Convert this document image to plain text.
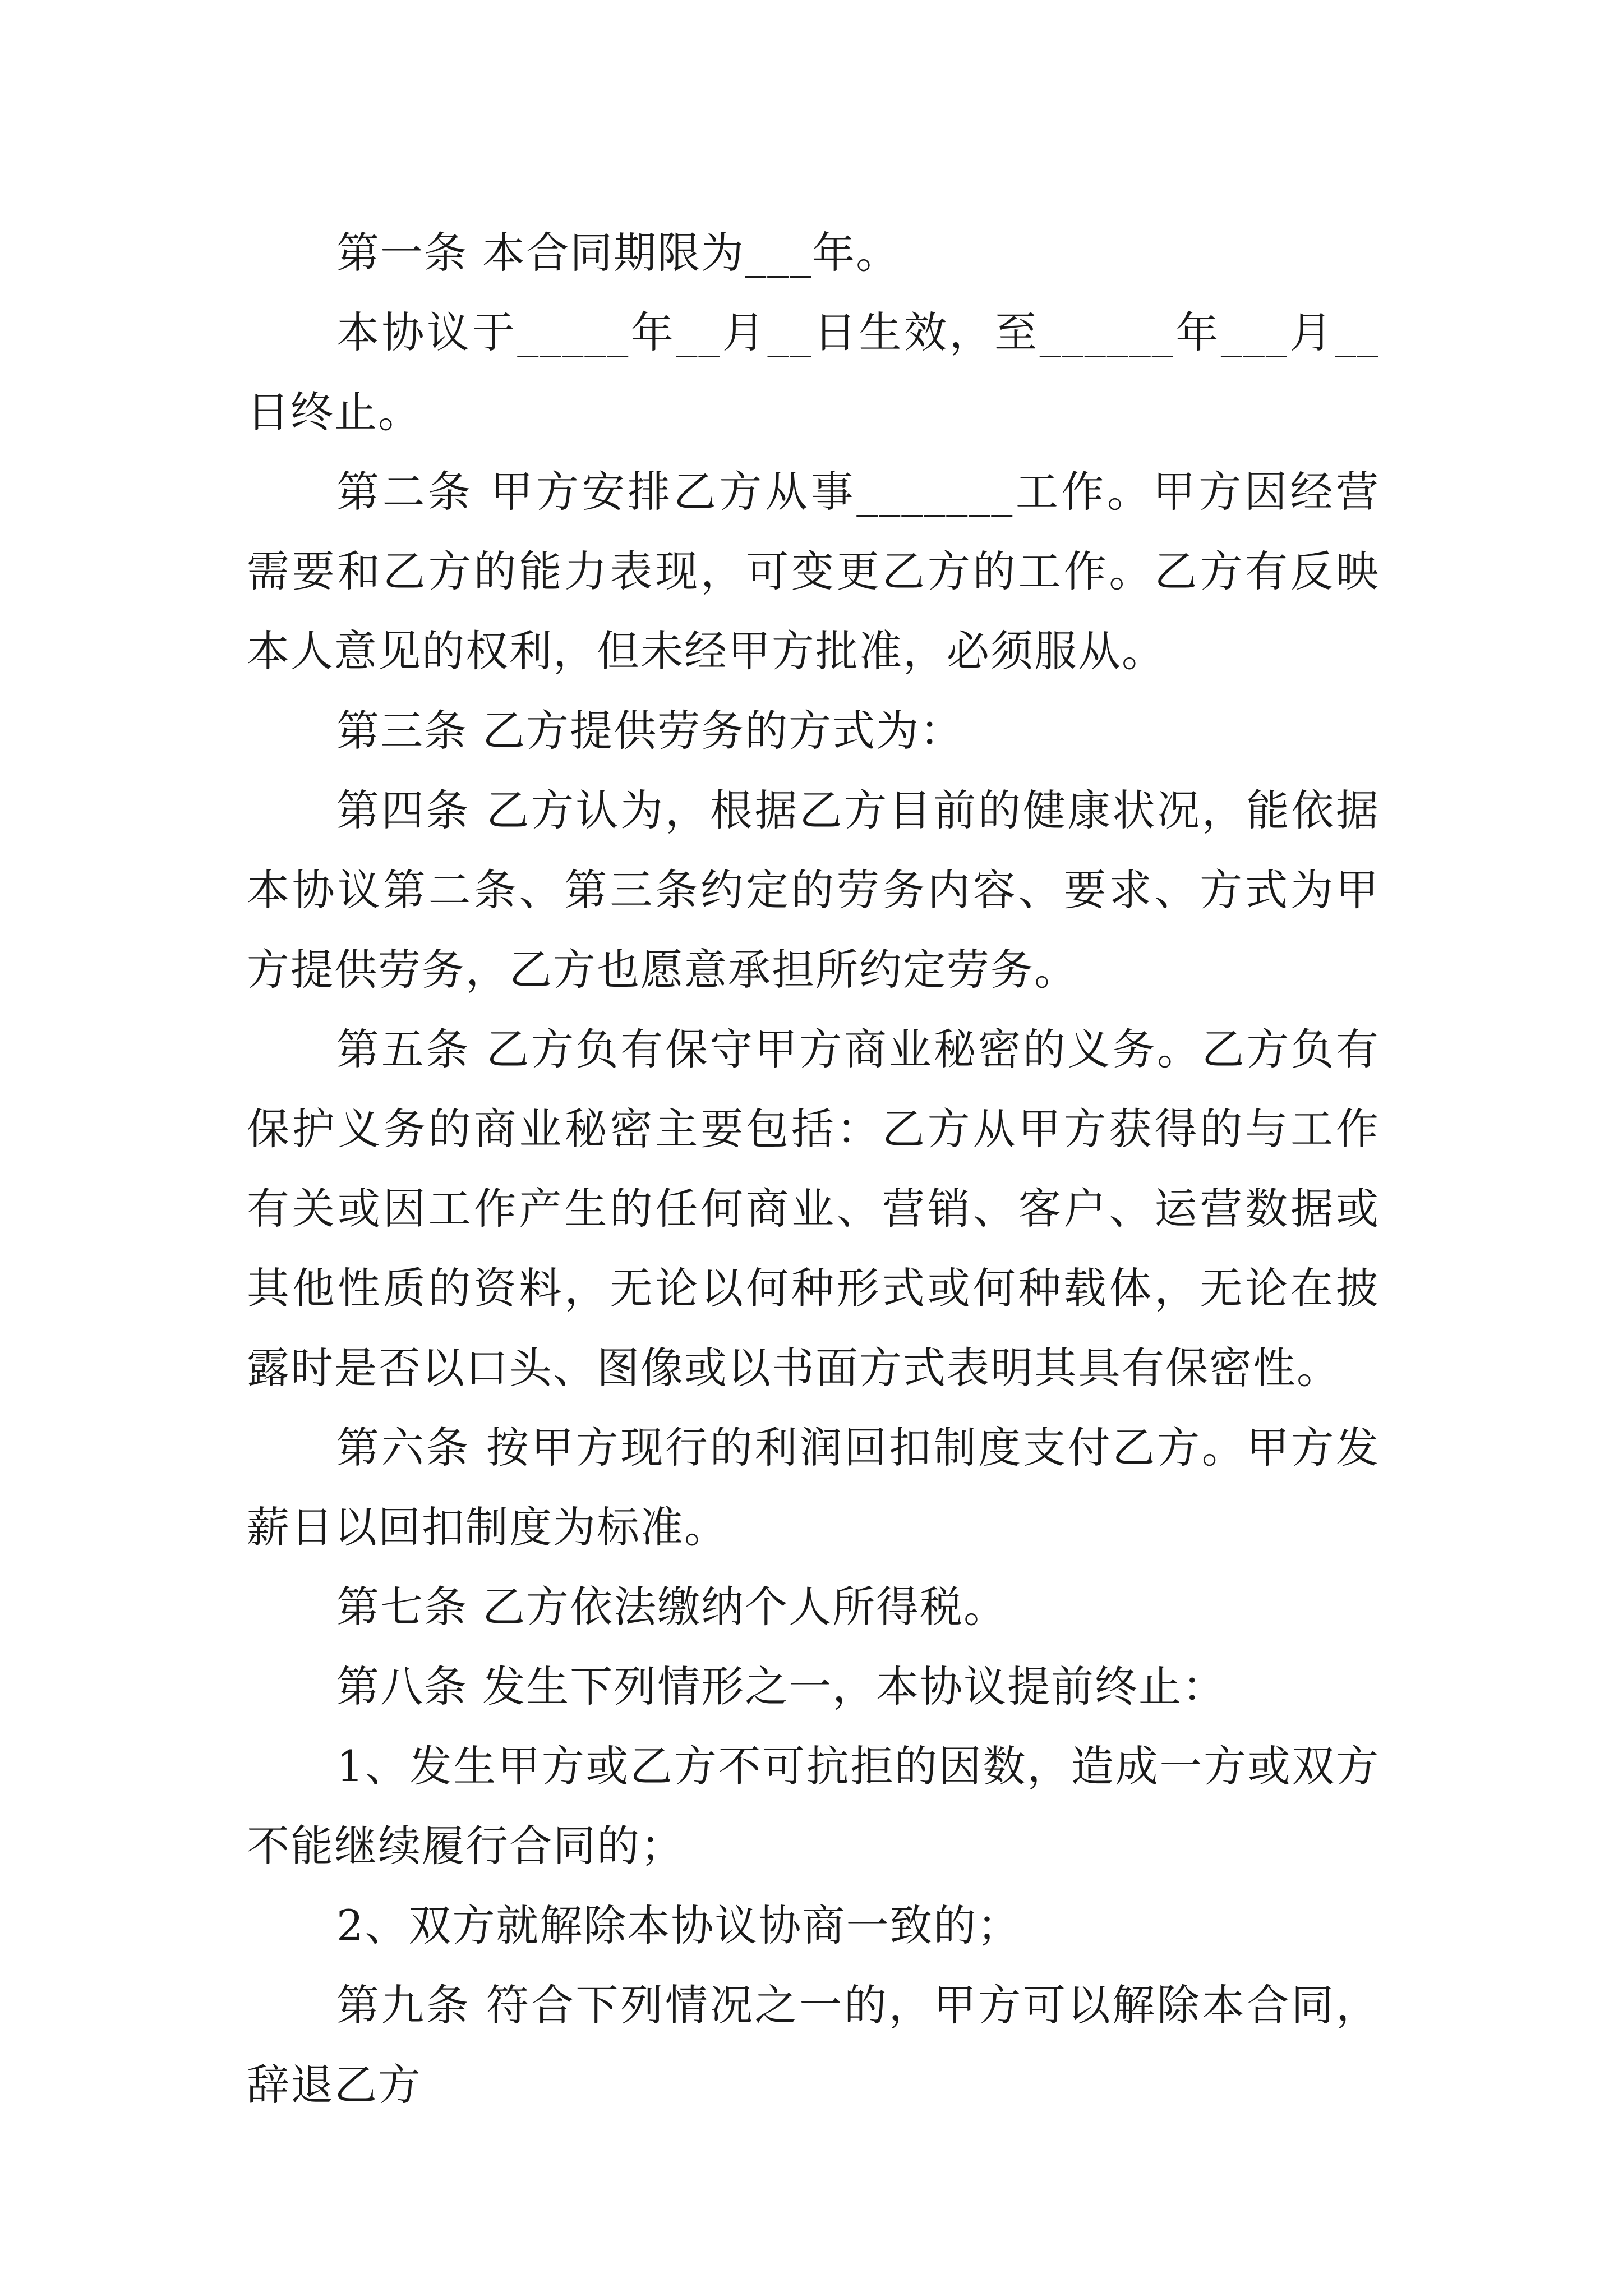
第一条 本合同期限为___年。

本协议于_____年__月__日生效，至______年___月__日终止。

第二条 甲方安排乙方从事_______工作。甲方因经营需要和乙方的能力表现，可变更乙方的工作。乙方有反映本人意见的权利，但未经甲方批准，必须服从。

第三条 乙方提供劳务的方式为：

第四条 乙方认为，根据乙方目前的健康状况，能依据本协议第二条、第三条约定的劳务内容、要求、方式为甲方提供劳务，乙方也愿意承担所约定劳务。

第五条 乙方负有保守甲方商业秘密的义务。乙方负有保护义务的商业秘密主要包括：乙方从甲方获得的与工作有关或因工作产生的任何商业、营销、客户、运营数据或其他性质的资料，无论以何种形式或何种载体，无论在披露时是否以口头、图像或以书面方式表明其具有保密性。

第六条 按甲方现行的利润回扣制度支付乙方。甲方发薪日以回扣制度为标准。

第七条 乙方依法缴纳个人所得税。

第八条 发生下列情形之一，本协议提前终止：

1、发生甲方或乙方不可抗拒的因数，造成一方或双方不能继续履行合同的；

2、双方就解除本协议协商一致的；

第九条 符合下列情况之一的，甲方可以解除本合同，辞退乙方
